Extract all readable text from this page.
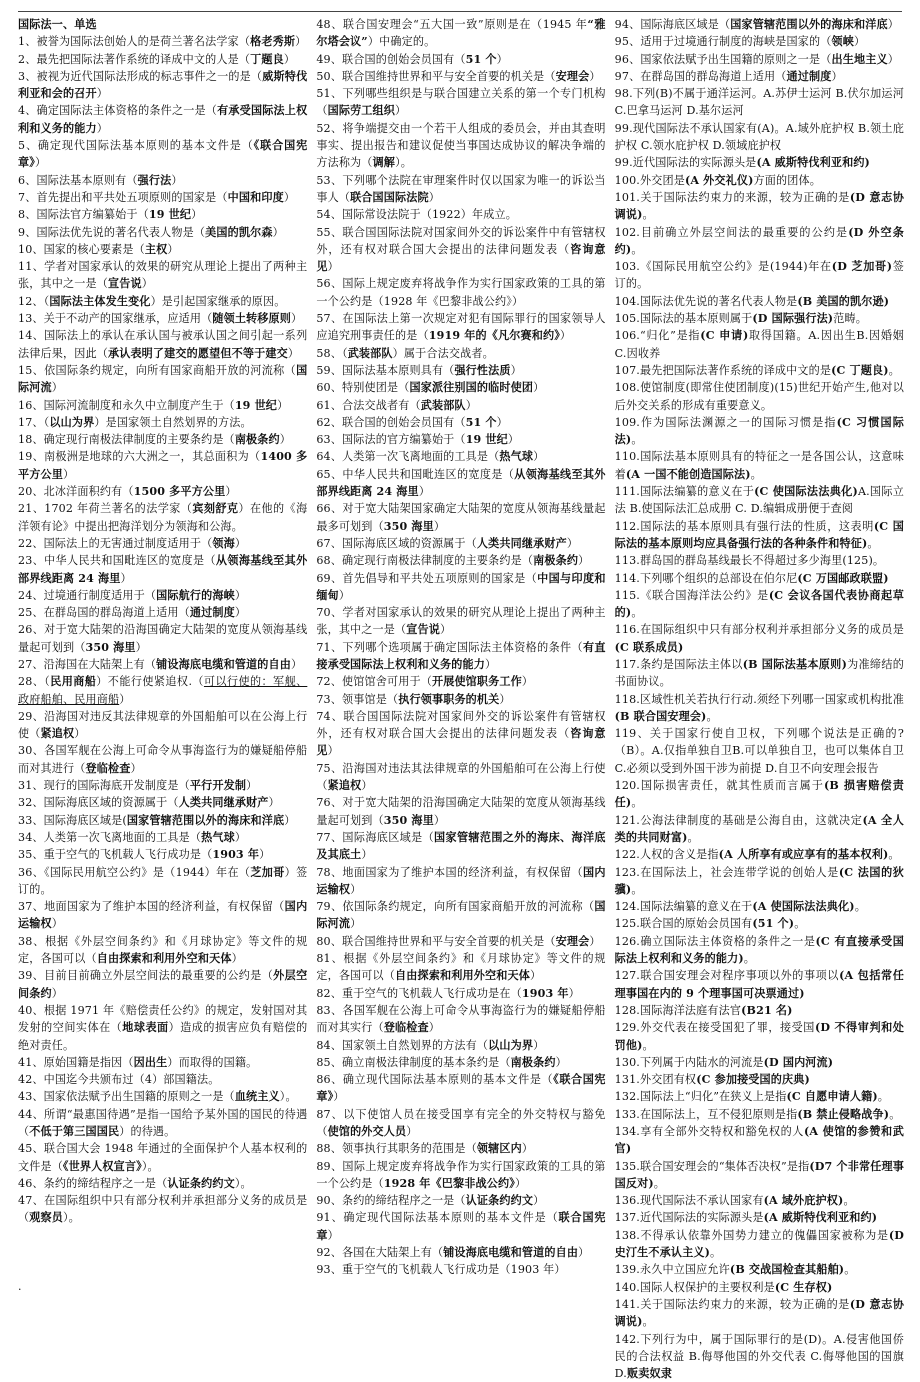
国际法一、单选

1、被誉为国际法创始人的是荷兰著名法学家（格老秀斯）

2、最先把国际法著作系统的译成中文的人是（丁题良）

3、被视为近代国际法形成的标志事件之一的是（威斯特伐利亚和会的召开）

4、确定国际法主体资格的条件之一是（有承受国际法上权利和义务的能力）

5、确定现代国际法基本原则的基本文件是（《联合国宪章》）

6、国际法基本原则有（强行法）

7、首先提出和平共处五项原则的国家是（中国和印度）

8、国际法官方编纂始于（19 世纪）

9、国际法优先说的著名代表人物是（美国的凯尔森）

10、国家的核心要素是（主权）

11、学者对国家承认的效果的研究从理论上提出了两种主张，其中之一是（宣告说）

12、（国际法主体发生变化）是引起国家继承的原因。

13、关于不动产的国家继承，应适用（随领土转移原则）

14、国际法上的承认在承认国与被承认国之间引起一系列法律后果，因此（承认表明了建交的愿望但不等于建交）

15、依国际条约规定，向所有国家商船开放的河流称（国际河流）

16、国际河流制度和永久中立制度产生于（19 世纪）

17、（以山为界）是国家领土自然划界的方法。

18、确定现行南极法律制度的主要条约是（南极条约）

19、南极洲是地球的六大洲之一，其总面积为（1400 多平方公里）

20、北冰洋面积约有（1500 多平方公里）

21、1702 年荷兰著名的法学家（宾刻舒克）在他的《海洋领有论》中提出把海洋划分为领海和公海。

22、国际法上的无害通过制度适用于（领海）

23、中华人民共和国毗连区的宽度是（从领海基线至其外部界线距离 24 海里）

24、过境通行制度适用于（国际航行的海峡）

25、在群岛国的群岛海道上适用（通过制度）

26、对于宽大陆架的沿海国确定大陆架的宽度从领海基线量起可划到（350 海里）

27、沿海国在大陆架上有（铺设海底电缆和管道的自由）

28、（民用商船）不能行使紧追权.（可以行使的：军舰、政府船舶、民用商船）

29、沿海国对违反其法律规章的外国船舶可以在公海上行使（紧追权）

30、各国军舰在公海上可命令从事海盗行为的嫌疑船停船而对其进行（登临检查）

31、现行的国际海底开发制度是（平行开发制）

32、国际海底区域的资源属于（人类共同继承财产）

33、国际海底区域是(国家管辖范围以外的海床和洋底）

34、人类第一次飞离地面的工具是（热气球）

35、重于空气的飞机载人飞行成功是（1903 年）

36、《国际民用航空公约》是（1944）年在（芝加哥）签订的。

37、地面国家为了维护本国的经济利益，有权保留（国内运输权）

38、根据《外层空间条约》和《月球协定》等文件的规定，各国可以（自由探索和利用外空和天体）

39、目前目前确立外层空间法的最重要的公约是（外层空间条约）

40、根据 1971 年《赔偿责任公约》的规定，发射国对其发射的空间实体在（地球表面）造成的损害应负有赔偿的绝对责任。

41、原始国籍是指因（因出生）而取得的国籍。

42、中国迄今共颁布过（4）部国籍法。

43、国家依法赋予出生国籍的原则之一是（血统主义）。

44、所谓“最惠国待遇”是指一国给予某外国的国民的待遇（不低于第三国国民）的待遇。

45、联合国大会 1948 年通过的全面保护个人基本权利的文件是（《世界人权宣言》）。

46、条约的缔结程序之一是（认证条约约文）。

47、在国际组织中只有部分权利并承担部分义务的成员是（观察员）。

48、联合国安理会“五大国一致”原则是在（1945 年“雅尔塔会议”）中确定的。

49、联合国的创始会员国有（51 个）

50、联合国维持世界和平与安全首要的机关是（安理会）

51、下列哪些组织是与联合国建立关系的第一个专门机构（国际劳工组织）

52、将争端提交由一个若干人组成的委员会，并由其查明事实、提出报告和建议促使当事国达成协议的解决争端的方法称为（调解）。

53、下列哪个法院在审理案件时仅以国家为唯一的诉讼当事人（联合国国际法院）

54、国际常设法院于（1922）年成立。

55、联合国国际法院对国家间外交的诉讼案件中有管辖权外，还有权对联合国大会提出的法律问题发表（咨询意见）

56、国际上规定废弃将战争作为实行国家政策的工具的第一个公约是（1928 年《巴黎非战公约》）

57、在国际法上第一次规定对犯有国际罪行的国家领导人应追究刑事责任的是（1919 年的《凡尔赛和约》）

58、（武装部队）属于合法交战者。

59、国际法基本原则具有（强行性法质）

60、特别使团是（国家派往别国的临时使团）

61、合法交战者有（武装部队）

62、联合国的创始会员国有（51 个）

63、国际法的官方编纂始于（19 世纪）

64、人类第一次飞离地面的工具是（热气球）

65、中华人民共和国毗连区的宽度是（从领海基线至其外部界线距离 24 海里）

66、对于宽大陆架国家确定大陆架的宽度从领海基线量起最多可划到（350 海里）

67、国际海底区域的资源属于（人类共同继承财产）

68、确定现行南极法律制度的主要条约是（南极条约）

69、首先倡导和平共处五项原则的国家是（中国与印度和缅甸）

70、学者对国家承认的效果的研究从理论上提出了两种主张，其中之一是（宣告说）

71、下列哪个选项属于确定国际法主体资格的条件（有直接承受国际法上权利和义务的能力）

72、使馆馆舍可用于（开展使馆职务工作）

73、领事馆是（执行领事职务的机关）

74、联合国国际法院对国家间外交的诉讼案件有管辖权外，还有权对联合国大会提出的法律问题发表（咨询意见）

75、沿海国对违法其法律规章的外国船舶可在公海上行使（紧追权）

76、对于宽大陆架的沿海国确定大陆架的宽度从领海基线量起可划到（350 海里）

77、国际海底区域是（国家管辖范围之外的海床、海洋底及其底土）

78、地面国家为了维护本国的经济利益，有权保留（国内运输权）

79、依国际条约规定，向所有国家商船开放的河流称（国际河流）

80、联合国维持世界和平与安全首要的机关是（安理会）

81、根据《外层空间条约》和《月球协定》等文件的规定，各国可以（自由探索和利用外空和天体）

82、重于空气的飞机载人飞行成功是在（1903 年）

83、各国军舰在公海上可命令从事海盗行为的嫌疑船停船而对其实行（登临检查）

84、国家领土自然划界的方法有（以山为界）

85、确立南极法律制度的基本条约是（南极条约）

86、确立现代国际法基本原则的基本文件是（《联合国宪章》）

87、以下使馆人员在接受国享有完全的外交特权与豁免（使馆的外交人员）

88、领事执行其职务的范围是（领辖区内）

89、国际上规定废弃将战争作为实行国家政策的工具的第一个公约是（1928 年《巴黎非战公约》）

90、条约的缔结程序之一是（认证条约约文）

91、确定现代国际法基本原则的基本文件是（联合国宪章）

92、各国在大陆架上有（铺设海底电缆和管道的自由）

93、重于空气的飞机载人飞行成功是（1903 年）

94、国际海底区域是（国家管辖范围以外的海床和洋底）

95、适用于过境通行制度的海峡是国家的（领峡）

96、国家依法赋予出生国籍的原则之一是（出生地主义）

97、在群岛国的群岛海道上适用（通过制度）

98.下列(B)不属于通洋运河。A.苏伊士运河 B.伏尔加运河 C.巴拿马运河 D.基尔运河

99.现代国际法不承认国家有(A)。A.域外庇护权 B.领土庇护权 C.领水庇护权 D.领域庇护权

99.近代国际法的实际源头是(A 威斯特伐利亚和约)

100.外交团是(A 外交礼仪)方面的团体。

101.关于国际法约束力的来源，较为正确的是(D 意志协调说)。

102.目前确立外层空间法的最重要的公约是(D 外空条约)。

103.《国际民用航空公约》是(1944)年在(D 芝加哥)签订的。

104.国际法优先说的著名代表人物是(B 美国的凯尔逊)

105.国际法的基本原则属于(D 国际强行法)范畴。

106.“归化”是指(C 申请)取得国籍。A.因出生B.因婚姻 C.因收养

107.最先把国际法著作系统的译成中文的是(C 丁题良)。

108.使馆制度(即常住使团制度)(15)世纪开始产生,他对以后外交关系的形成有重要意义。

109.作为国际法渊源之一的国际习惯是指(C 习惯国际法)。

110.国际法基本原则具有的特征之一是各国公认，这意味着(A 一国不能创造国际法)。

111.国际法编纂的意义在于(C 使国际法法典化)A.国际立法 B.使国际法汇总成册 C. D.编辑成册便于查阅

112.国际法的基本原则具有强行法的性质，这表明(C 国际法的基本原则均应具备强行法的各种条件和特征)。

113.群岛国的群岛基线最长不得超过多少海里(125)。

114.下列哪个组织的总部设在伯尔尼(C 万国邮政联盟)

115.《联合国海洋法公约》是(C 会议各国代表协商起草的)。

116.在国际组织中只有部分权利并承担部分义务的成员是(C 联系成员)

117.条约是国际法主体以(B 国际法基本原则)为准缔结的书面协议。

118.区域性机关若执行行动.须经下列哪一国家或机构批准(B 联合国安理会)。

119、关于国家行使自卫权，下列哪个说法是正确的?（B）。A.仅指单独自卫B.可以单独自卫，也可以集体自卫C.必须以受到外国干涉为前提 D.自卫不向安理会报告

120.国际损害责任，就其性质而言属于(B 损害赔偿责任)。

121.公海法律制度的基础是公海自由，这就决定(A 全人类的共同财富)。

122.人权的含义是指(A 人所享有或应享有的基本权利)。

123.在国际法上，社会连带学说的创始人是(C 法国的狄骥)。

124.国际法编纂的意义在于(A 使国际法法典化)。

125.联合国的原始会员国有(51 个)。

126.确立国际法主体资格的条件之一是(C 有直接承受国际法上权利和义务的能力)。

127.联合国安理会对程序事项以外的事项以(A 包括常任理事国在内的 9 个理事国可决票通过)

128.国际海洋法庭有法官(B21 名)

129.外交代表在接受国犯了罪，接受国(D 不得审判和处罚他)。

130.下列属于内陆水的河流是(D 国内河流)

131.外交团有权(C 参加接受国的庆典)

132.国际法上“归化”在狭义上是指(C 自愿申请人籍)。

133.在国际法上，互不侵犯原则是指(B 禁止侵略战争)。

134.享有全部外交特权和豁免权的人(A 使馆的参赞和武官)

135.联合国安理会的“集体否决权”是指(D7 个非常任理事国反对)。

136.现代国际法不承认国家有(A 域外庇护权)。

137.近代国际法的实际源头是(A 威斯特伐利亚和约)

138.不得承认依靠外国势力建立的傀儡国家被称为是(D 史汀生不承认主义)。

139.永久中立国应允许(B 交战国检查其船舶)。

140.国际人权保护的主要权利是(C 生存权)

141.关于国际法约束力的来源，较为正确的是(D 意志协调说)。

142.下列行为中，属于国际罪行的是(D)。A.侵害他国侨民的合法权益 B.侮辱他国的外交代表 C.侮辱他国的国旗 D.贩卖奴隶

.
